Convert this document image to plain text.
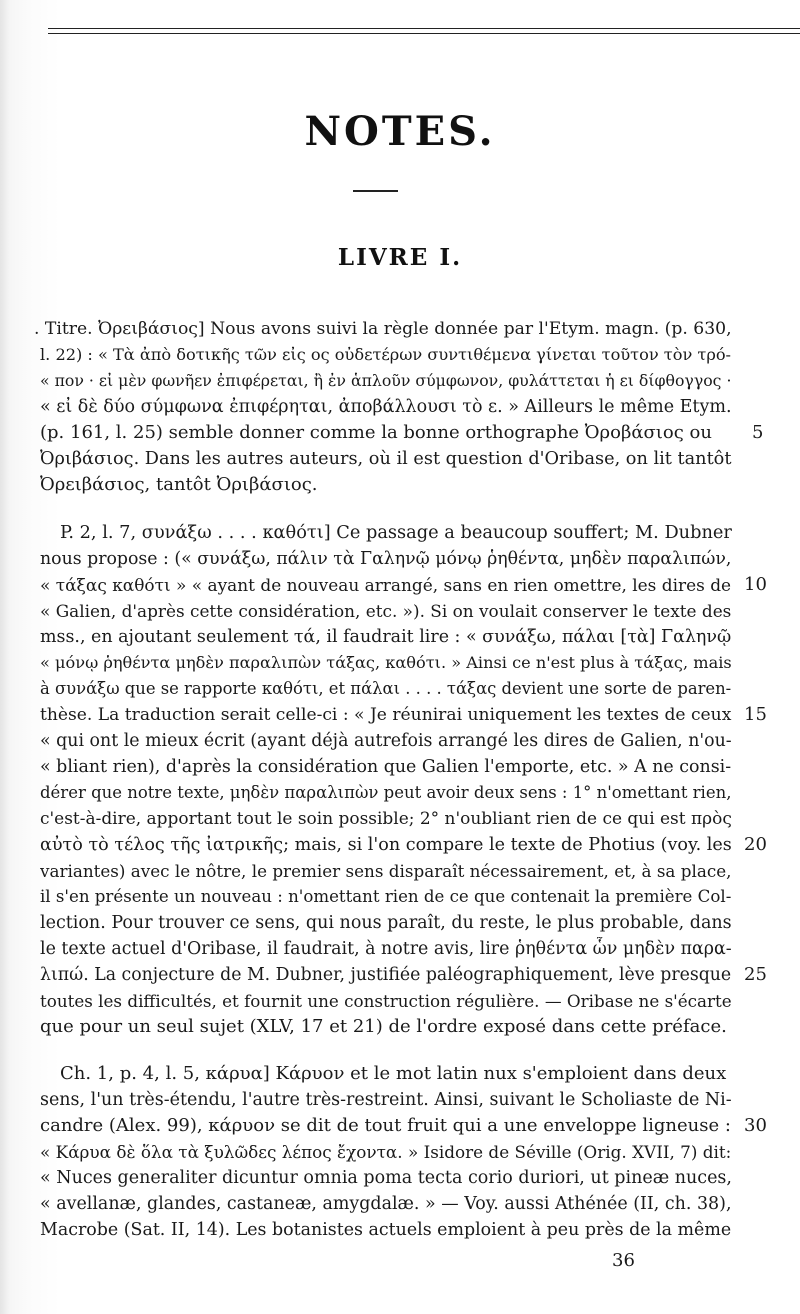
NOTES.
LIVRE I.
. Titre. Ὀρειβάσιος] Nous avons suivi la règle donnée par l'Etym. magn. (p. 630,
l. 22) : « Τὰ ἀπὸ δοτικῆς τῶν εἰς ος οὐδετέρων συντιθέμενα γίνεται τοῦτον τὸν τρό-
« πον · εἰ μὲν φωνῆεν ἐπιφέρεται, ἢ ἐν ἁπλοῦν σύμφωνον, φυλάττεται ἡ ει δίφθογγος ·
« εἰ δὲ δύο σύμφωνα ἐπιφέρηται, ἀποβάλλουσι τὸ ε. » Ailleurs le même Etym.
(p. 161, l. 25) semble donner comme la bonne orthographe Ὀροβάσιος ou
Ὀριβάσιος. Dans les autres auteurs, où il est question d'Oribase, on lit tantôt
Ὀρειβάσιος, tantôt Ὀριβάσιος.
P. 2, l. 7, συνάξω . . . . καθότι] Ce passage a beaucoup souffert; M. Dubner
nous propose : (« συνάξω, πάλιν τὰ Γαληνῷ μόνῳ ῥηθέντα, μηδὲν παραλιπών,
« τάξας καθότι » « ayant de nouveau arrangé, sans en rien omettre, les dires de
« Galien, d'après cette considération, etc. »). Si on voulait conserver le texte des
mss., en ajoutant seulement τά, il faudrait lire : « συνάξω, πάλαι [τὰ] Γαληνῷ
« μόνῳ ῥηθέντα μηδὲν παραλιπὼν τάξας, καθότι. » Ainsi ce n'est plus à τάξας, mais
à συνάξω que se rapporte καθότι, et πάλαι . . . . τάξας devient une sorte de paren-
thèse. La traduction serait celle-ci : « Je réunirai uniquement les textes de ceux
« qui ont le mieux écrit (ayant déjà autrefois arrangé les dires de Galien, n'ou-
« bliant rien), d'après la considération que Galien l'emporte, etc. » A ne consi-
dérer que notre texte, μηδὲν παραλιπὼν peut avoir deux sens : 1° n'omettant rien,
c'est-à-dire, apportant tout le soin possible; 2° n'oubliant rien de ce qui est πρὸς
αὐτὸ τὸ τέλος τῆς ἰατρικῆς; mais, si l'on compare le texte de Photius (voy. les
variantes) avec le nôtre, le premier sens disparaît nécessairement, et, à sa place,
il s'en présente un nouveau : n'omettant rien de ce que contenait la première Col-
lection. Pour trouver ce sens, qui nous paraît, du reste, le plus probable, dans
le texte actuel d'Oribase, il faudrait, à notre avis, lire ῥηθέντα ὧν μηδὲν παρα-
λιπώ. La conjecture de M. Dubner, justifiée paléographiquement, lève presque
toutes les difficultés, et fournit une construction régulière. — Oribase ne s'écarte
que pour un seul sujet (XLV, 17 et 21) de l'ordre exposé dans cette préface.
Ch. 1, p. 4, l. 5, κάρυα] Κάρυον et le mot latin nux s'emploient dans deux
sens, l'un très-étendu, l'autre très-restreint. Ainsi, suivant le Scholiaste de Ni-
candre (Alex. 99), κάρυον se dit de tout fruit qui a une enveloppe ligneuse :
« Κάρυα δὲ ὅλα τὰ ξυλῶδες λέπος ἔχοντα. » Isidore de Séville (Orig. XVII, 7) dit:
« Nuces generaliter dicuntur omnia poma tecta corio duriori, ut pineæ nuces,
« avellanæ, glandes, castaneæ, amygdalæ. » — Voy. aussi Athénée (II, ch. 38),
Macrobe (Sat. II, 14). Les botanistes actuels emploient à peu près de la même
5
10
15
20
25
30
36
